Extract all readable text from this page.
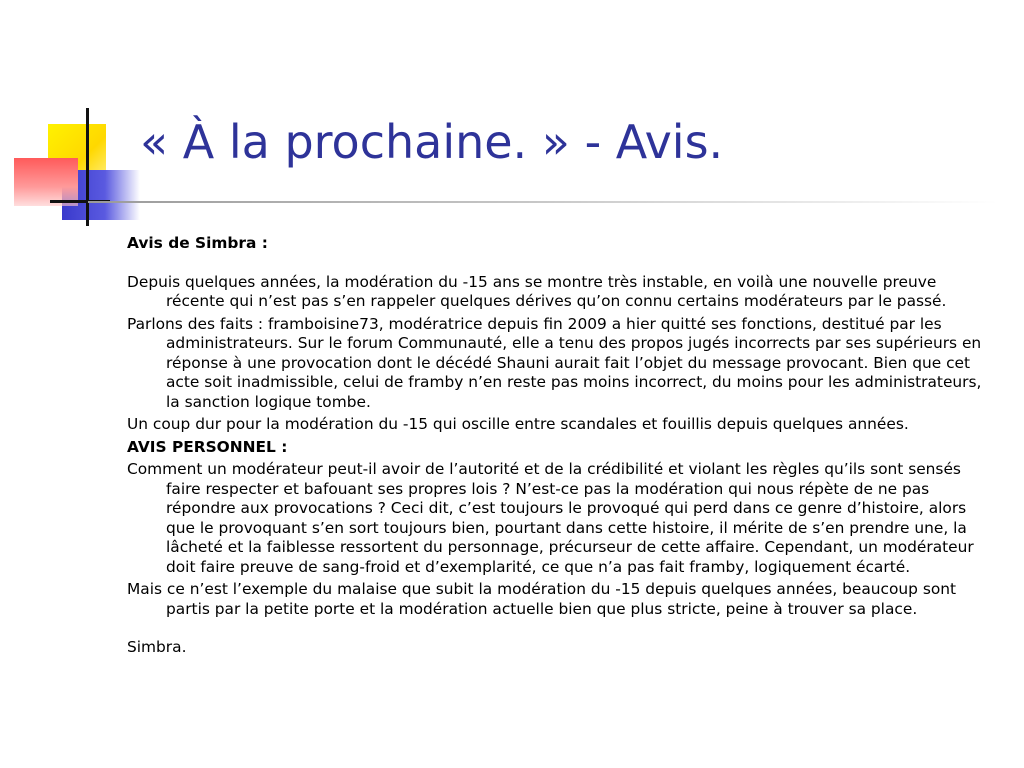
« À la prochaine. » - Avis.

Avis de Simbra :

Depuis quelques années, la modération du -15 ans se montre très instable, en voilà une nouvelle preuve récente qui n’est pas s’en rappeler quelques dérives qu’on connu certains modérateurs par le passé.

Parlons des faits : framboisine73, modératrice depuis fin 2009 a hier quitté ses fonctions, destitué par les administrateurs. Sur le forum Communauté, elle a tenu des propos jugés incorrects par ses supérieurs en réponse à une provocation dont le décédé Shauni aurait fait l’objet du message provocant. Bien que cet acte soit inadmissible, celui de framby n’en reste pas moins incorrect, du moins pour les administrateurs, la sanction logique tombe.

Un coup dur pour la modération du -15 qui oscille entre scandales et fouillis depuis quelques années.

AVIS PERSONNEL :

Comment un modérateur peut-il avoir de l’autorité et de la crédibilité et violant les règles qu’ils sont sensés faire respecter et bafouant ses propres lois ? N’est-ce pas la modération qui nous répète de ne pas répondre aux provocations ? Ceci dit, c’est toujours le provoqué qui perd dans ce genre d’histoire, alors que le provoquant s’en sort toujours bien, pourtant dans cette histoire, il mérite de s’en prendre une, la lâcheté et la faiblesse ressortent du personnage, précurseur de cette affaire. Cependant, un modérateur doit faire preuve de sang-froid et d’exemplarité, ce que n’a pas fait framby, logiquement écarté.

Mais ce n’est l’exemple du malaise que subit la modération du -15 depuis quelques années, beaucoup sont partis par la petite porte et la modération actuelle bien que plus stricte, peine à trouver sa place.

Simbra.
